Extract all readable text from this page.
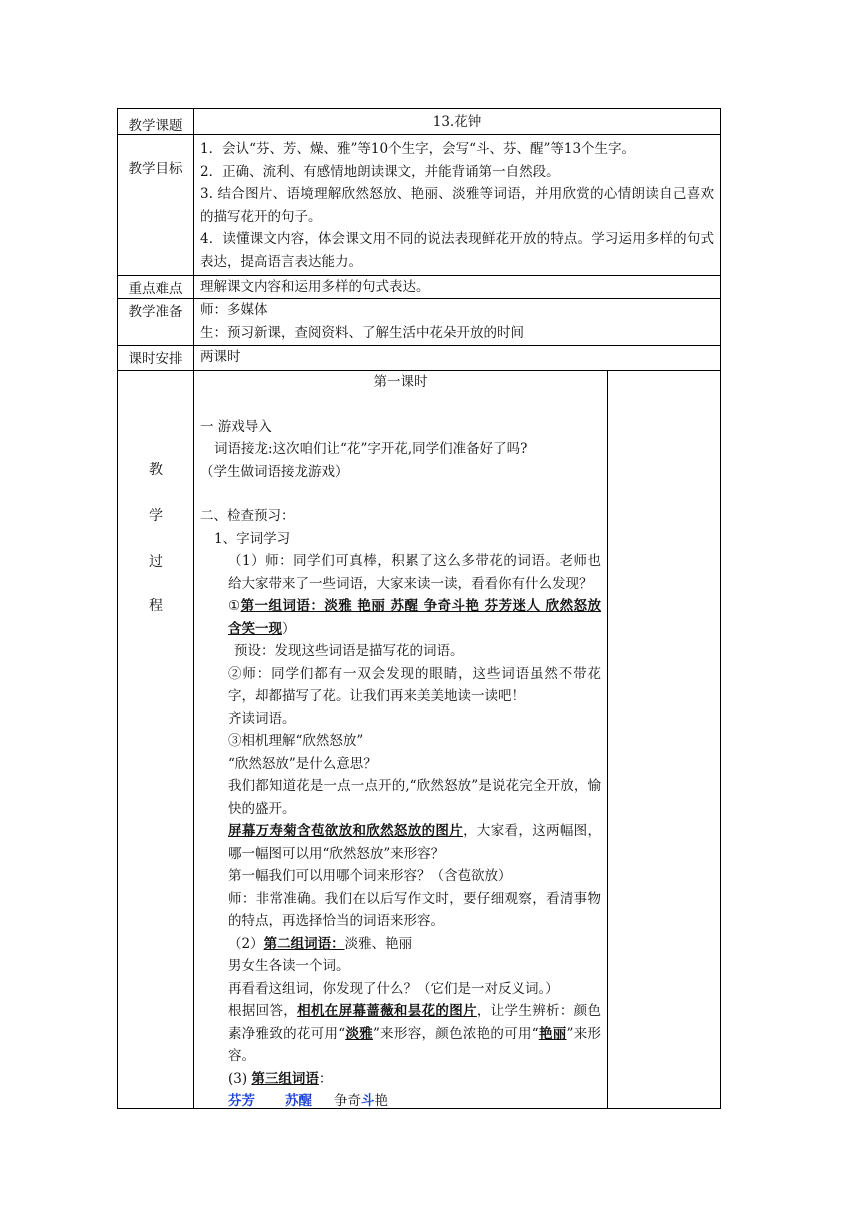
教学课题	13.花钟
教学目标

1．会认“芬、芳、燥、雅”等10个生字，会写“斗、芬、醒”等13个生字。

2．正确、流利、有感情地朗读课文，并能背诵第一自然段。

3. 结合图片、语境理解欣然怒放、艳丽、淡雅等词语，并用欣赏的心情朗读自己喜欢的描写花开的句子。

4．读懂课文内容，体会课文用不同的说法表现鲜花开放的特点。学习运用多样的句式表达，提高语言表达能力。

重点难点	理解课文内容和运用多样的句式表达。
教学准备	师：多媒体

生：预习新课，查阅资料、了解生活中花朵开放的时间

课时安排	两课时
教
学
过
程

第一课时

一 游戏导入

词语接龙:这次咱们让“花”字开花,同学们准备好了吗?

（学生做词语接龙游戏）

二、检查预习：

1、字词学习

（1）师：同学们可真棒，积累了这么多带花的词语。老师也给大家带来了一些词语，大家来读一读，看看你有什么发现？

①第一组词语：淡雅 艳丽 苏醒 争奇斗艳 芬芳迷人 欣然怒放 含笑一现）

预设：发现这些词语是描写花的词语。

②师：同学们都有一双会发现的眼睛，这些词语虽然不带花字，却都描写了花。让我们再来美美地读一读吧！

齐读词语。

③相机理解“欣然怒放”

“欣然怒放”是什么意思？

我们都知道花是一点一点开的,“欣然怒放”是说花完全开放，愉快的盛开。

屏幕万寿菊含苞欲放和欣然怒放的图片，大家看，这两幅图，哪一幅图可以用“欣然怒放”来形容？

第一幅我们可以用哪个词来形容？（含苞欲放）

师：非常准确。我们在以后写作文时，要仔细观察，看清事物的特点，再选择恰当的词语来形容。

（2）第二组词语：淡雅、艳丽

男女生各读一个词。

再看看这组词，你发现了什么？（它们是一对反义词。）

根据回答，相机在屏幕蔷薇和昙花的图片，让学生辨析：颜色素净雅致的花可用“淡雅”来形容，颜色浓艳的可用“艳丽”来形容。

(3) 第三组词语：

芬芳 苏醒 争奇斗艳
